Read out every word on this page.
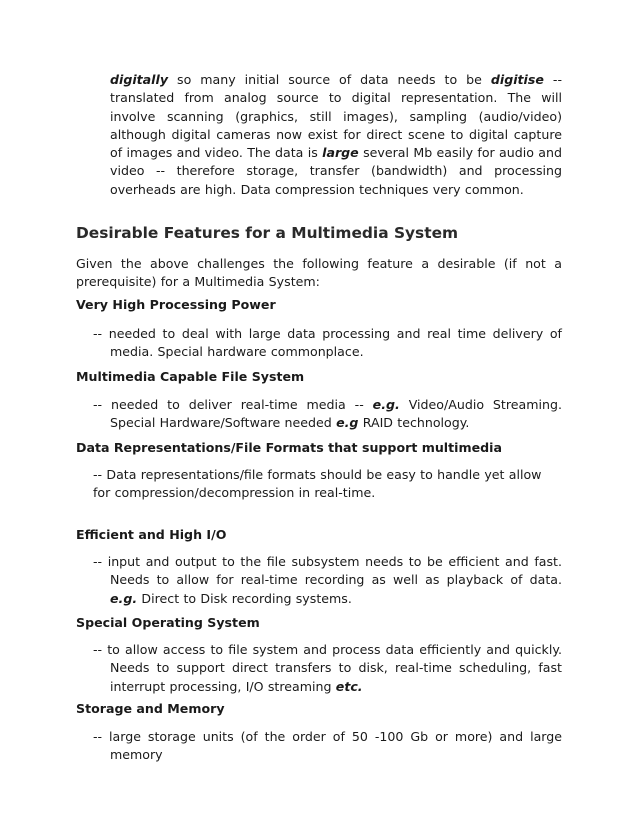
digitally so many initial source of data needs to be digitise -- translated from analog source to digital representation. The will involve scanning (graphics, still images), sampling (audio/video) although digital cameras now exist for direct scene to digital capture of images and video. The data is large several Mb easily for audio and video -- therefore storage, transfer (bandwidth) and processing overheads are high. Data compression techniques very common.

Desirable Features for a Multimedia System

Given the above challenges the following feature a desirable (if not a prerequisite) for a Multimedia System:

Very High Processing Power

-- needed to deal with large data processing and real time delivery of media. Special hardware commonplace.

Multimedia Capable File System

-- needed to deliver real-time media -- e.g. Video/Audio Streaming. Special Hardware/Software needed e.g RAID technology.

Data Representations/File Formats that support multimedia

-- Data representations/file formats should be easy to handle yet allow for compression/decompression in real-time.

Efficient and High I/O

-- input and output to the file subsystem needs to be efficient and fast. Needs to allow for real-time recording as well as playback of data. e.g. Direct to Disk recording systems.

Special Operating System

-- to allow access to file system and process data efficiently and quickly. Needs to support direct transfers to disk, real-time scheduling, fast interrupt processing, I/O streaming etc.

Storage and Memory

-- large storage units (of the order of 50 -100 Gb or more) and large memory
